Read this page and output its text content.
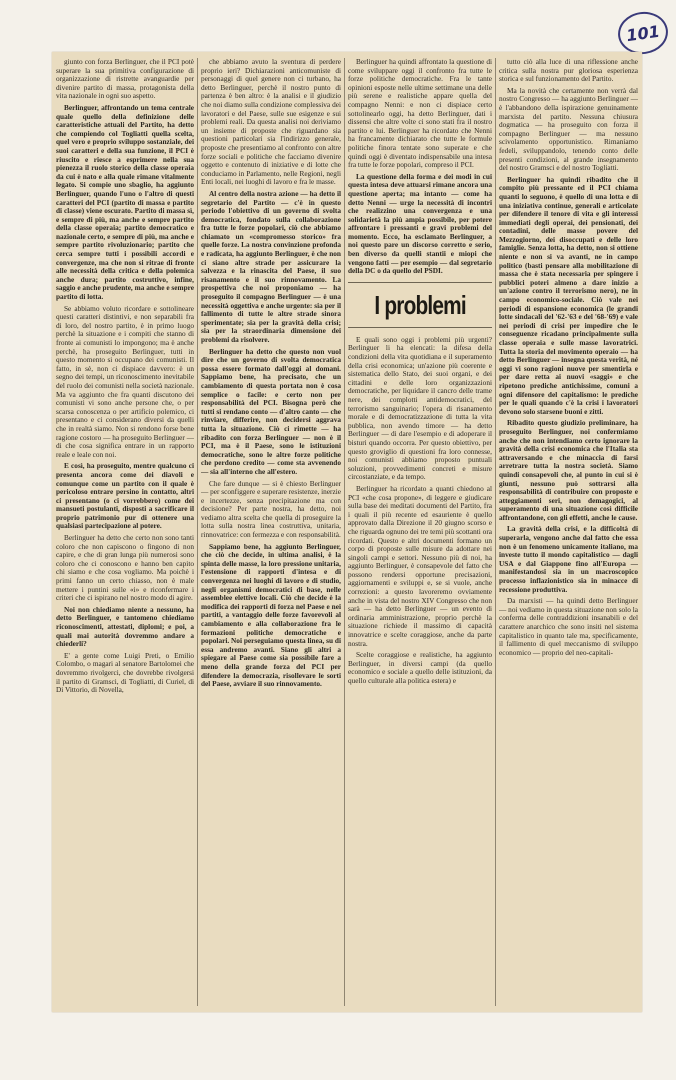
101

giunto con forza Berlinguer, che il PCI potè superare la sua primitiva configurazione di organizzazione di ristrette avanguardie per divenire partito di massa, protagonista della vita nazionale in ogni suo aspetto.

Berlinguer, affrontando un tema centrale quale quello della definizione delle caratteristiche attuali del Partito, ha detto che compiendo col Togliatti quella scelta, quel vero e proprio sviluppo sostanziale, dei suoi caratteri e della sua funzione, il PCI è riuscito e riesce a esprimere nella sua pienezza il ruolo storico della classe operaia da cui è nato e alla quale rimane vitalmente legato. Si compie uno sbaglio, ha aggiunto Berlinguer, quando l'uno o l'altro di questi caratteri del PCI (partito di massa e partito di classe) viene oscurato. Partito di massa sì, e sempre di più, ma anche e sempre partito della classe operaia; partito democratico e nazionale certo, e sempre di più, ma anche e sempre partito rivoluzionario; partito che cerca sempre tutti i possibili accordi e convergenze, ma che non si ritrae di fronte alle necessità della critica e della polemica anche dura; partito costruttivo, infine, saggio e anche prudente, ma anche e sempre partito di lotta.

Se abbiamo voluto ricordare e sottolineare questi caratteri distintivi, e non separabili fra di loro, del nostro partito, è in primo luogo perchè la situazione e i compiti che stanno di fronte ai comunisti lo impongono; ma è anche perchè, ha proseguito Berlinguer, tutti in questo momento si occupano dei comunisti. Il fatto, in sè, non ci dispiace davvero: è un segno dei tempi, un riconoscimento inevitabile del ruolo dei comunisti nella società nazionale. Ma va aggiunto che fra quanti discutono dei comunisti vi sono anche persone che, o per scarsa conoscenza o per artificio polemico, ci presentano e ci considerano diversi da quelli che in realtà siamo. Non si rendono forse bene ragione costoro — ha proseguito Berlinguer — di che cosa significa entrare in un rapporto reale e leale con noi.

E così, ha proseguito, mentre qualcuno ci presenta ancora come dei diavoli e comunque come un partito con il quale è pericoloso entrare persino in contatto, altri ci presentano (o ci vorrebbero) come dei mansueti postulanti, disposti a sacrificare il proprio patrimonio pur di ottenere una qualsiasi partecipazione al potere.

Berlinguer ha detto che certo non sono tanti coloro che non capiscono o fingono di non capire, e che di gran lunga più numerosi sono coloro che ci conoscono e hanno ben capito chi siamo e che cosa vogliamo. Ma poichè i primi fanno un certo chiasso, non è male mettere i puntini sulle «i» e riconfermare i criteri che ci ispirano nel nostro modo di agire.

Noi non chiediamo niente a nessuno, ha detto Berlinguer, e tantomeno chiediamo riconoscimenti, attestati, diplomi; e poi, a quali mai autorità dovremmo andare a chiederli?

E' a gente come Luigi Preti, o Emilio Colombo, o magari al senatore Bartolomei che dovremmo rivolgerci, che dovrebbe rivolgersi il partito di Gramsci, di Togliatti, di Curiel, di Di Vittorio, di Novella,

che abbiamo avuto la sventura di perdere proprio ieri? Dichiarazioni anticomuniste di personaggi di quel genere non ci turbano, ha detto Berlinguer, perchè il nostro punto di partenza è ben altro: è la analisi e il giudizio che noi diamo sulla condizione complessiva dei lavoratori e del Paese, sulle sue esigenze e sui problemi reali. Da questa analisi noi deriviamo un insieme di proposte che riguardano sia questioni particolari sia l'indirizzo generale, proposte che presentiamo al confronto con altre forze sociali e politiche che facciamo divenire oggetto e contenuto di iniziative e di lotte che conduciamo in Parlamento, nelle Regioni, negli Enti locali, nei luoghi di lavoro e fra le masse.

Al centro della nostra azione — ha detto il segretario del Partito — c'è in questo periodo l'obiettivo di un governo di svolta democratica, fondato sulla collaborazione fra tutte le forze popolari, ciò che abbiamo chiamato un «compromesso storico» fra quelle forze. La nostra convinzione profonda e radicata, ha aggiunto Berlinguer, è che non ci siano altre strade per assicurare la salvezza e la rinascita del Paese, il suo risanamento e il suo rinnovamento. La prospettiva che noi proponiamo — ha proseguito il compagno Berlinguer — è una necessità oggettiva e anche urgente: sia per il fallimento di tutte le altre strade sinora sperimentate; sia per la gravità della crisi; sia per la straordinaria dimensione dei problemi da risolvere.

Berlinguer ha detto che questo non vuol dire che un governo di svolta democratica possa essere formato dall'oggi al domani. Sappiamo bene, ha precisato, che un cambiamento di questa portata non è cosa semplice o facile: e certo non per responsabilità del PCI. Bisogna però che tutti si rendano conto — d'altro canto — che rinviare, differire, non decidersi aggrava tutta la situazione. Ciò ci rimette — ha ribadito con forza Berlinguer — non è il PCI, ma è il Paese, sono le istituzioni democratiche, sono le altre forze politiche che perdono credito — come sta avvenendo — sia all'interno che all'estero.

Che fare dunque — si è chiesto Berlinguer — per sconfiggere e superare resistenze, inerzie e incertezze, senza precipitazione ma con decisione? Per parte nostra, ha detto, noi vediamo altra scelta che quella di proseguire la lotta sulla nostra linea costruttiva, unitaria, rinnovatrice: con fermezza e con responsabilità.

Sappiamo bene, ha aggiunto Berlinguer, che ciò che decide, in ultima analisi, è la spinta delle masse, la loro pressione unitaria, l'estensione di rapporti d'intesa e di convergenza nei luoghi di lavoro e di studio, negli organismi democratici di base, nelle assemblee elettive locali. Ciò che decide è la modifica dei rapporti di forza nel Paese e nei partiti, a vantaggio delle forze favorevoli al cambiamento e alla collaborazione fra le formazioni politiche democratiche e popolari. Noi perseguiamo questa linea, su di essa andremo avanti. Siano gli altri a spiegare al Paese come sia possibile fare a meno della grande forza del PCI per difendere la democrazia, risollevare le sorti del Paese, avviare il suo rinnovamento.

Berlinguer ha quindi affrontato la questione di come sviluppare oggi il confronto fra tutte le forze politiche democratiche. Fra le tante opinioni esposte nelle ultime settimane una delle più serene e realistiche appare quella del compagno Nenni: e non ci dispiace certo sottolinearlo oggi, ha detto Berlinguer, dati i dissensi che altre volte ci sono stati fra il nostro partito e lui. Berlinguer ha ricordato che Nenni ha francamente dichiarato che tutte le formule politiche finora tentate sono superate e che quindi oggi è diventato indispensabile una intesa fra tutte le forze popolari, compreso il PCI.

La questione della forma e dei modi in cui questa intesa deve attuarsi rimane ancora una questione aperta; ma intanto — come ha detto Nenni — urge la necessità di incontri che realizzino una convergenza e una solidarietà la più ampia possibile, per potere affrontare i pressanti e gravi problemi del momento. Ecco, ha esclamato Berlinguer, a noi questo pare un discorso corretto e serio, ben diverso da quelli stantii e miopi che vengono fatti — per esempio — dal segretario della DC o da quello del PSDI.

I problemi

E quali sono oggi i problemi più urgenti? Berlinguer li ha elencati: la difesa della condizioni della vita quotidiana e il superamento della crisi economica; un'azione più coerente e sistematica dello Stato, dei suoi organi, e dei cittadini e delle loro organizzazioni democratiche, per liquidare il cancro delle trame nere, dei complotti antidemocratici, del terrorismo sanguinario; l'opera di risanamento morale e di democratizzazione di tutta la vita pubblica, non avendo timore — ha detto Berlinguer — di dare l'esempio e di adoperare il bisturi quando occorra. Per questo obiettivo, per questo groviglio di questioni fra loro connesse, noi comunisti abbiamo proposto puntuali soluzioni, provvedimenti concreti e misure circostanziate, e da tempo.

Berlinguer ha ricordato a quanti chiedono al PCI «che cosa propone», di leggere e giudicare sulla base dei meditati documenti del Partito, fra i quali il più recente ed esauriente è quello approvato dalla Direzione il 20 giugno scorso e che riguarda ognuno dei tre temi più scottanti ora ricordati. Questo e altri documenti formano un corpo di proposte sulle misure da adottare nei singoli campi e settori. Nessuno più di noi, ha aggiunto Berlinguer, è consapevole del fatto che possono rendersi opportune precisazioni, aggiornamenti e sviluppi e, se si vuole, anche correzioni: a questo lavoreremo ovviamente anche in vista del nostro XIV Congresso che non sarà — ha detto Berlinguer — un evento di ordinaria amministrazione, proprio perchè la situazione richiede il massimo di capacità innovatrice e scelte coraggiose, anche da parte nostra.

Scelte coraggiose e realistiche, ha aggiunto Berlinguer, in diversi campi (da quello economico e sociale a quello delle istituzioni, da quello culturale alla politica estera) e

tutto ciò alla luce di una riflessione anche critica sulla nostra pur gloriosa esperienza storica e sul funzionamento del Partito.

Ma la novità che certamente non verrà dal nostro Congresso — ha aggiunto Berlinguer — è l'abbandono della ispirazione genuinamente marxista del partito. Nessuna chiusura dogmatica — ha proseguito con forza il compagno Berlinguer — ma nessuno scivolamento opportunistico. Rimaniamo fedeli, sviluppandolo, tenendo conto delle presenti condizioni, al grande insegnamento del nostro Gramsci e del nostro Togliatti.

Berlinguer ha quindi ribadito che il compito più pressante ed il PCI chiama quanti lo seguono, è quello di una lotta e di una iniziativa continue, generali e articolate per difendere il tenore di vita e gli interessi immediati degli operai, dei pensionati, dei contadini, delle masse povere del Mezzogiorno, dei disoccupati e delle loro famiglie. Senza lotta, ha detto, non si ottiene niente e non si va avanti, ne in campo politico (basti pensare alla mobilitazione di massa che è stata necessaria per spingere i pubblici poteri almeno a dare inizio a un'azione contro il terrorismo nero), ne in campo economico-sociale. Ciò vale nei periodi di espansione economica (le grandi lotte sindacali del '62-'63 e del '68-'69) e vale nei periodi di crisi per impedire che le conseguenze ricadano principalmente sulla classe operaia e sulle masse lavoratrici. Tutta la storia del movimento operaio — ha detto Berlinguer — insegna questa verità, né oggi vi sono ragioni nuove per smentirla e per dare retta ai nuovi «saggi» e che ripetono prediche antichissime, comuni a ogni difensore del capitalismo: le prediche per le quali quando c'è la crisi i lavoratori devono solo starsene buoni e zitti.

Ribadito questo giudizio preliminare, ha proseguito Berlinguer, noi confermiamo anche che non intendiamo certo ignorare la gravità della crisi economica che l'Italia sta attraversando e che minaccia di farsi arretrare tutta la nostra società. Siamo quindi consapevoli che, al punto in cui si è giunti, nessuno può sottrarsi alla responsabilità di contribuire con proposte e atteggiamenti seri, non demagogici, al superamento di una situazione così difficile affrontandone, con gli effetti, anche le cause.

La gravità della crisi, e la difficoltà di superarla, vengono anche dal fatto che essa non è un fenomeno unicamente italiano, ma investe tutto il mondo capitalistico — dagli USA e dal Giappone fino all'Europa — manifestandosi sia in un macroscopico processo inflazionistico sia in minacce di recessione produttiva.

Da marxisti — ha quindi detto Berlinguer — noi vediamo in questa situazione non solo la conferma delle contraddizioni insanabili e del carattere anarchico che sono insiti nel sistema capitalistico in quanto tale ma, specificamente, il fallimento di quel meccanismo di sviluppo economico — proprio del neo-capitali-
